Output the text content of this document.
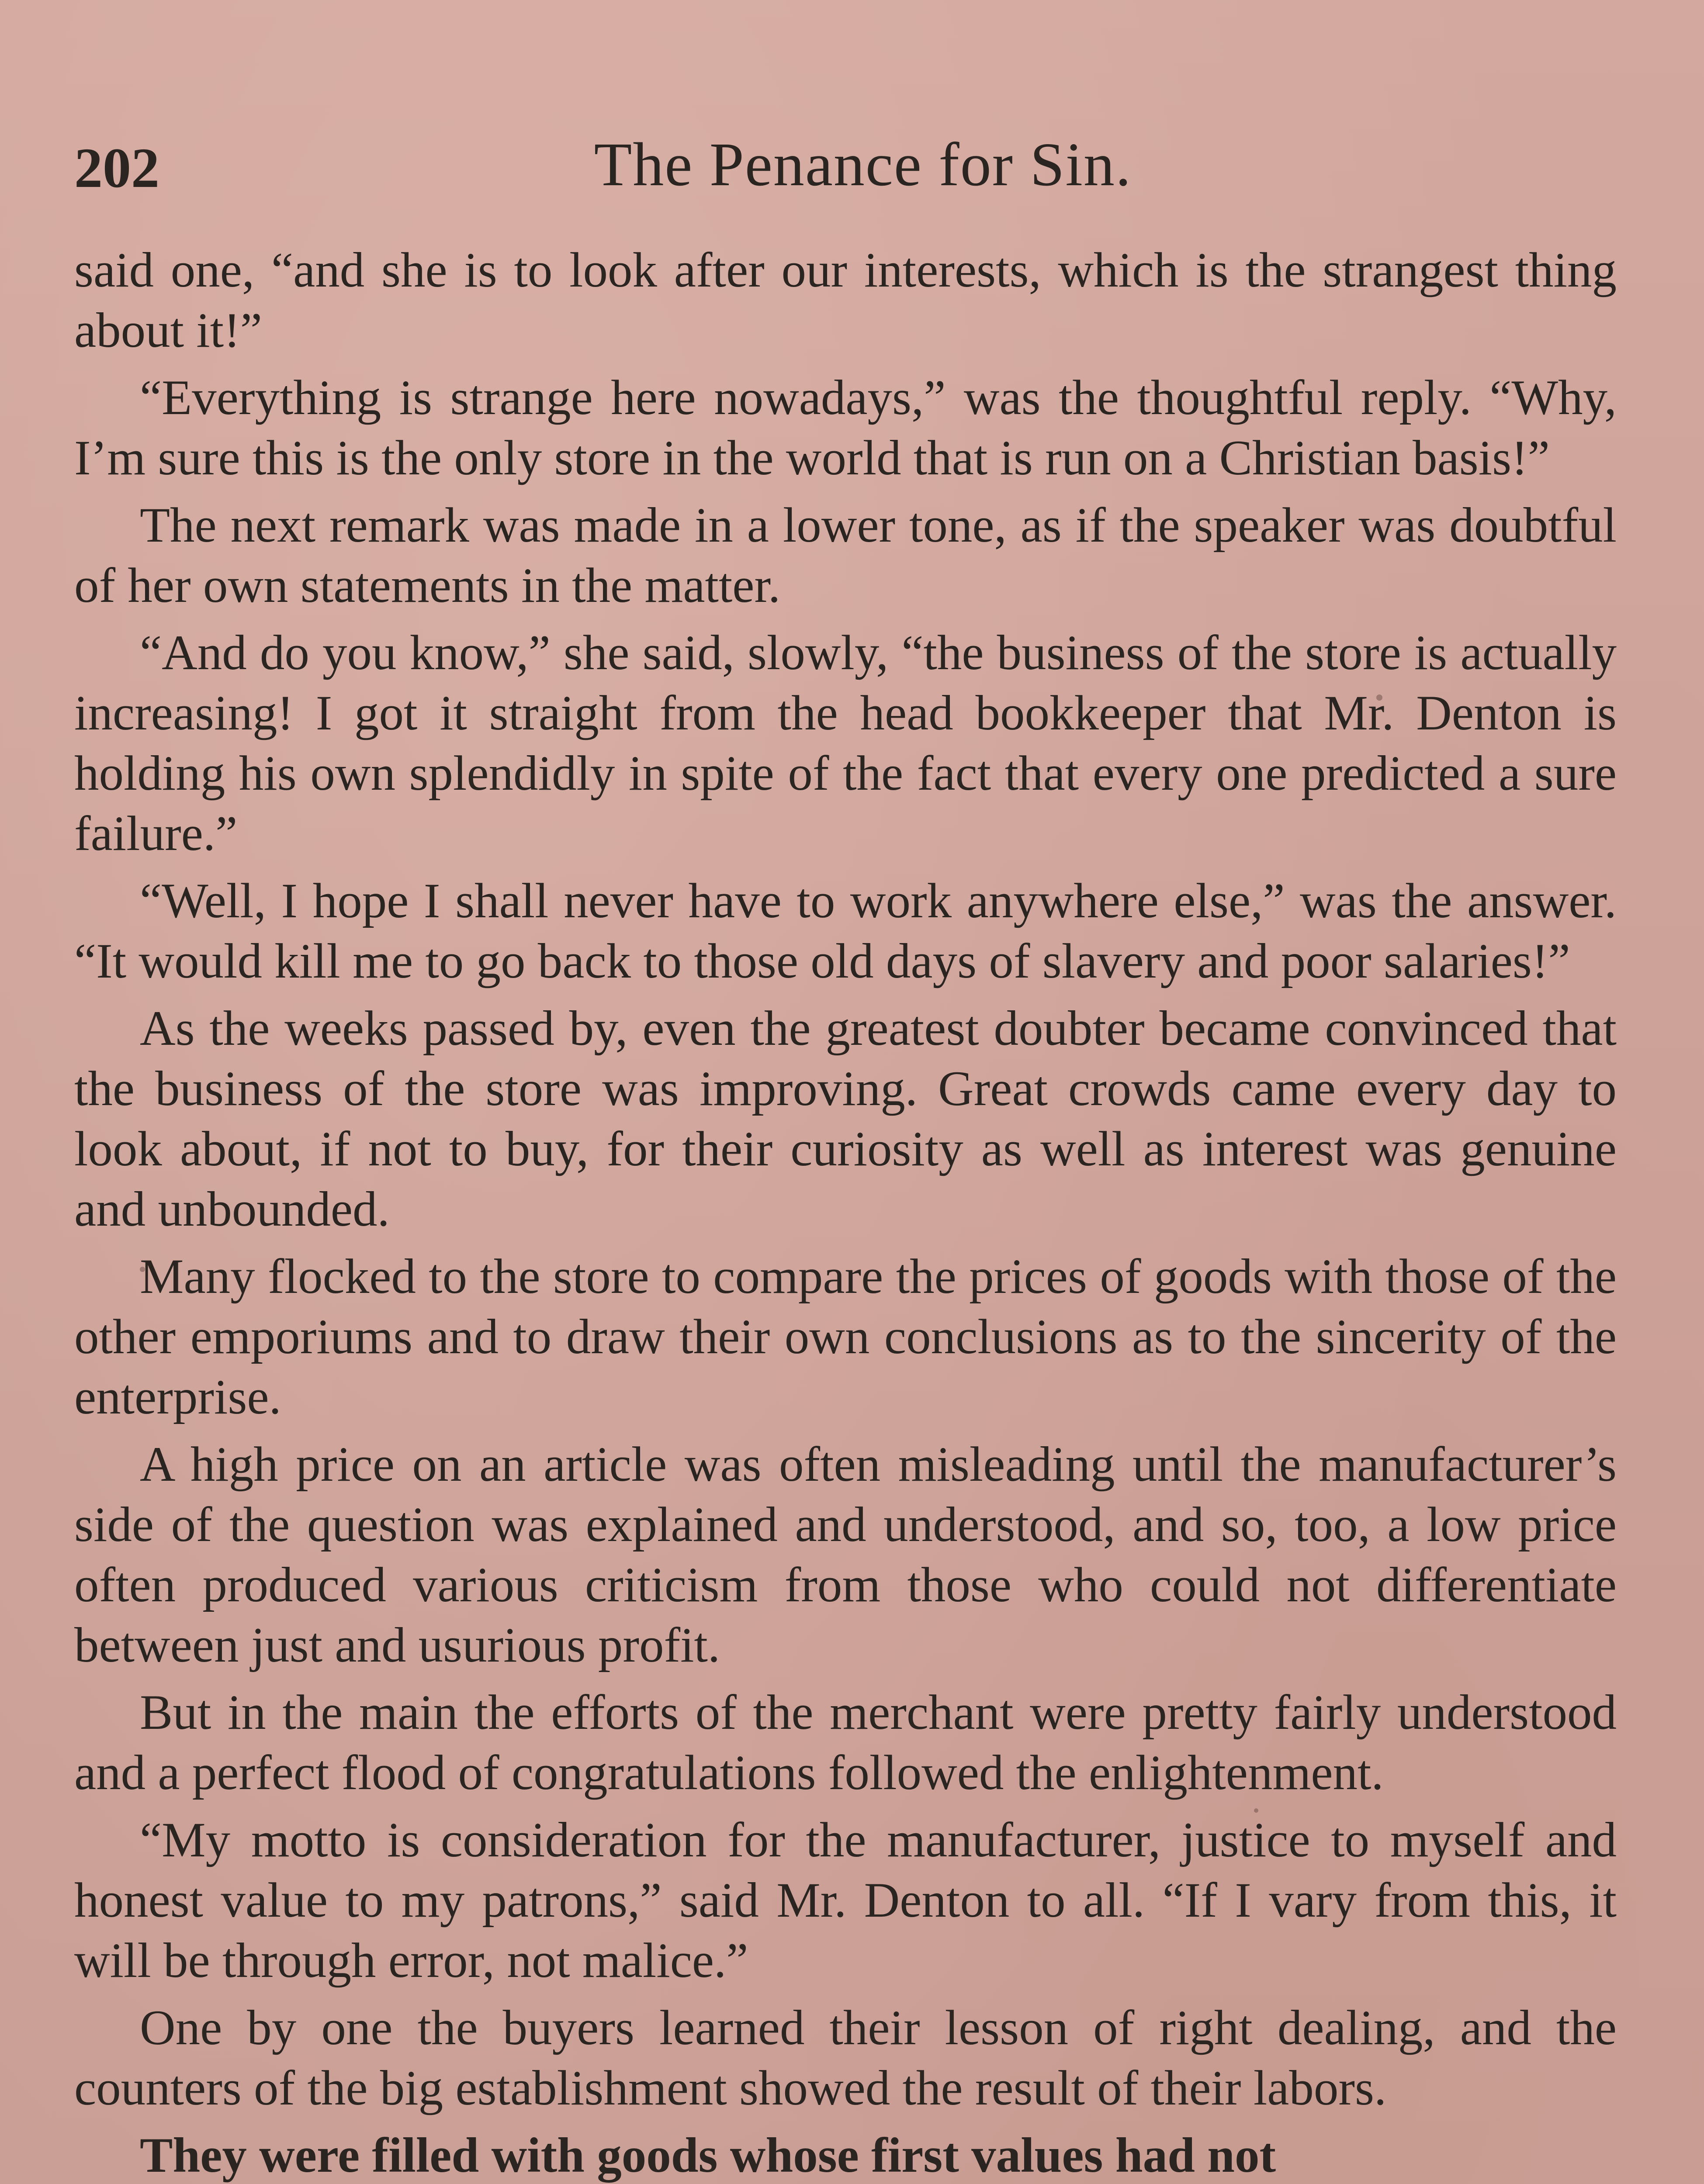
202	The Penance for Sin.

said one, “and she is to look after our interests, which is the strangest thing about it!”

“Everything is strange here nowadays,” was the thoughtful reply. “Why, I’m sure this is the only store in the world that is run on a Christian basis!”

The next remark was made in a lower tone, as if the speaker was doubtful of her own statements in the matter.

“And do you know,” she said, slowly, “the business of the store is actually increasing! I got it straight from the head bookkeeper that Mr. Denton is holding his own splendidly in spite of the fact that every one predicted a sure failure.”

“Well, I hope I shall never have to work anywhere else,” was the answer. “It would kill me to go back to those old days of slavery and poor salaries!”

As the weeks passed by, even the greatest doubter became convinced that the business of the store was improving. Great crowds came every day to look about, if not to buy, for their curiosity as well as interest was genuine and unbounded.

Many flocked to the store to compare the prices of goods with those of the other emporiums and to draw their own conclusions as to the sincerity of the enterprise.

A high price on an article was often misleading until the manufacturer’s side of the question was explained and understood, and so, too, a low price often produced various criticism from those who could not differentiate between just and usurious profit.

But in the main the efforts of the merchant were pretty fairly understood and a perfect flood of congratulations followed the enlightenment.

“My motto is consideration for the manufacturer, justice to myself and honest value to my patrons,” said Mr. Denton to all. “If I vary from this, it will be through error, not malice.”

One by one the buyers learned their lesson of right dealing, and the counters of the big establishment showed the result of their labors.

They were filled with goods whose first values had not
